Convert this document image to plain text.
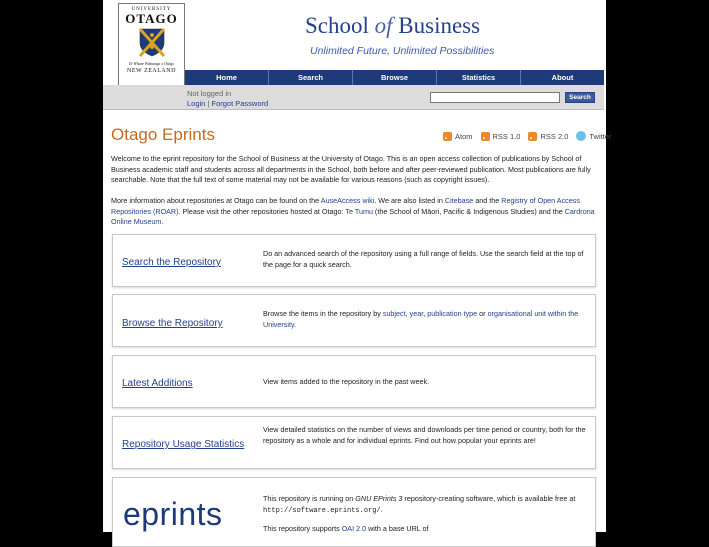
UNIVERSITY
OTAGO
Te Whare Wānanga o Otāgo
NEW ZEALAND
School of Business
Unlimited Future, Unlimited Possibilities
Home	Search	Browse	Statistics	About
Not logged in
Login | Forgot Password
Search
Otago Eprints	Atom	RSS 1.0	RSS 2.0	Twitter
Welcome to the eprint repository for the School of Business at the University of Otago. This is an open access collection of publications by School of Business academic staff and students across all departments in the School, both before and after peer-reviewed publication. Most publications are fully searchable. Note that the full text of some material may not be available for various reasons (such as copyright issues).
More information about repositories at Otago can be found on the AuseAccess wiki. We are also listed in Citebase and the Registry of Open Access Repositories (ROAR). Please visit the other repositories hosted at Otago: Te Tumu (the School of Māori, Pacific & Indigenous Studies) and the Cardrona Online Museum.
Search the Repository
Do an advanced search of the repository using a full range of fields. Use the search field at the top of the page for a quick search.
Browse the Repository
Browse the items in the repository by subject, year, publication type or organisational unit within the University.
Latest Additions	View items added to the repository in the past week.
Repository Usage Statistics
View detailed statistics on the number of views and downloads per time period or country, both for the repository as a whole and for individual eprints. Find out how popular your eprints are!
eprints	This repository is running on GNU EPrints 3 repository-creating software, which is available free at http://software.eprints.org/.
This repository supports OAI 2.0 with a base URL of
